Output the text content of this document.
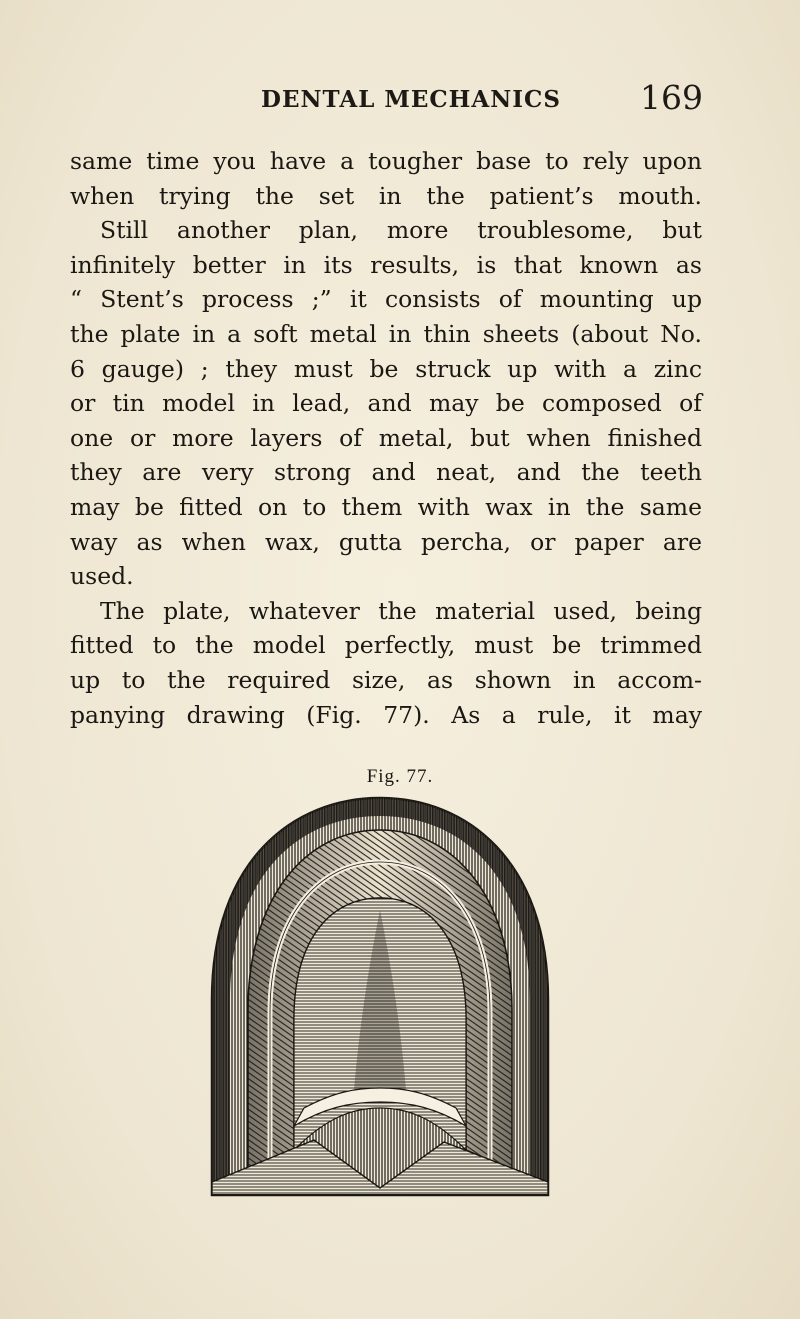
DENTAL MECHANICS 169
same time you have a tougher base to rely upon
when trying the set in the patient’s mouth.
Still another plan, more troublesome, but
infinitely better in its results, is that known as
“ Stent’s process ;” it consists of mounting up
the plate in a soft metal in thin sheets (about No.
6 gauge) ; they must be struck up with a zinc
or tin model in lead, and may be composed of
one or more layers of metal, but when finished
they are very strong and neat, and the teeth
may be fitted on to them with wax in the same
way as when wax, gutta percha, or paper are
used.
The plate, whatever the material used, being
fitted to the model perfectly, must be trimmed
up to the required size, as shown in accom-
panying drawing (Fig. 77). As a rule, it may
Fig. 77.
